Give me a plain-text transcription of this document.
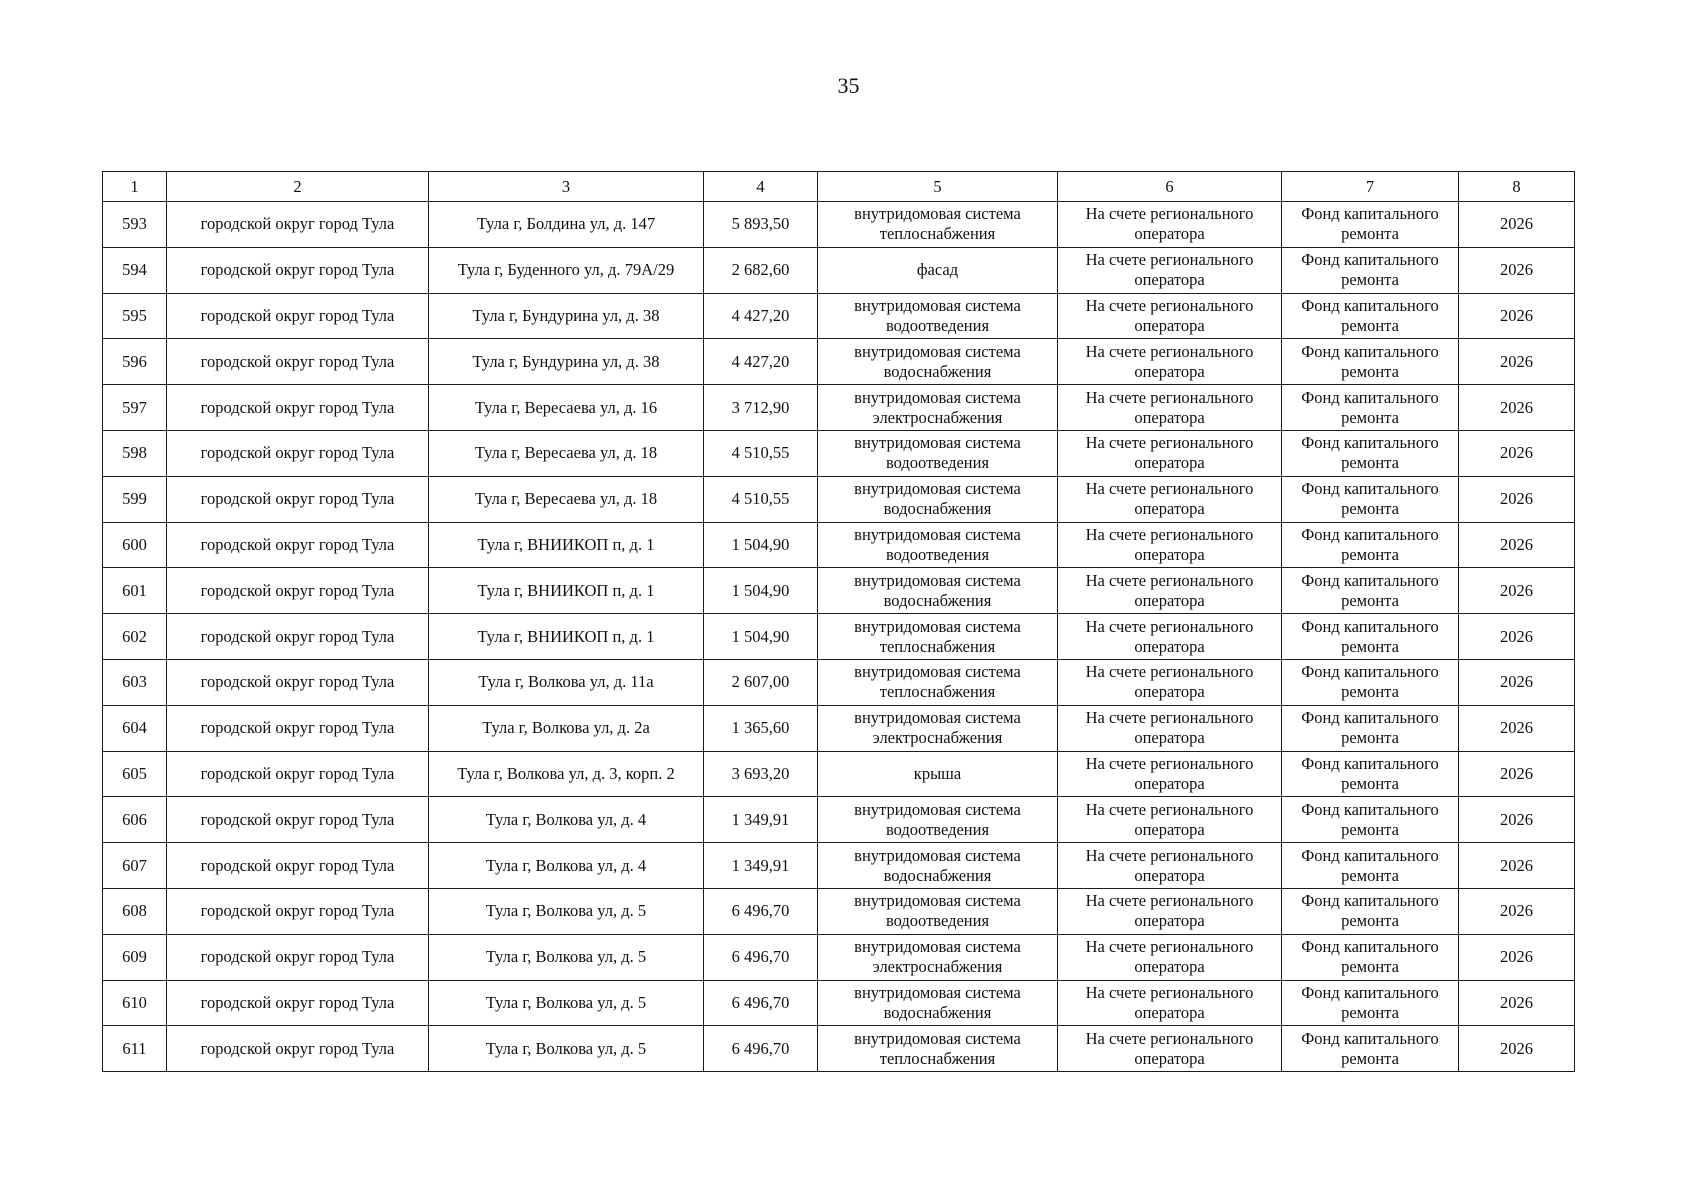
35
1	2	3	4	5	6	7	8
593	городской округ город Тула	Тула г, Болдина ул, д. 147	5 893,50	внутридомовая система теплоснабжения	На счете регионального оператора	Фонд капитального ремонта	2026
594	городской округ город Тула	Тула г, Буденного ул, д. 79А/29	2 682,60	фасад	На счете регионального оператора	Фонд капитального ремонта	2026
595	городской округ город Тула	Тула г, Бундурина ул, д. 38	4 427,20	внутридомовая система водоотведения	На счете регионального оператора	Фонд капитального ремонта	2026
596	городской округ город Тула	Тула г, Бундурина ул, д. 38	4 427,20	внутридомовая система водоснабжения	На счете регионального оператора	Фонд капитального ремонта	2026
597	городской округ город Тула	Тула г, Вересаева ул, д. 16	3 712,90	внутридомовая система электроснабжения	На счете регионального оператора	Фонд капитального ремонта	2026
598	городской округ город Тула	Тула г, Вересаева ул, д. 18	4 510,55	внутридомовая система водоотведения	На счете регионального оператора	Фонд капитального ремонта	2026
599	городской округ город Тула	Тула г, Вересаева ул, д. 18	4 510,55	внутридомовая система водоснабжения	На счете регионального оператора	Фонд капитального ремонта	2026
600	городской округ город Тула	Тула г, ВНИИКОП п, д. 1	1 504,90	внутридомовая система водоотведения	На счете регионального оператора	Фонд капитального ремонта	2026
601	городской округ город Тула	Тула г, ВНИИКОП п, д. 1	1 504,90	внутридомовая система водоснабжения	На счете регионального оператора	Фонд капитального ремонта	2026
602	городской округ город Тула	Тула г, ВНИИКОП п, д. 1	1 504,90	внутридомовая система теплоснабжения	На счете регионального оператора	Фонд капитального ремонта	2026
603	городской округ город Тула	Тула г, Волкова ул, д. 11а	2 607,00	внутридомовая система теплоснабжения	На счете регионального оператора	Фонд капитального ремонта	2026
604	городской округ город Тула	Тула г, Волкова ул, д. 2а	1 365,60	внутридомовая система электроснабжения	На счете регионального оператора	Фонд капитального ремонта	2026
605	городской округ город Тула	Тула г, Волкова ул, д. 3, корп. 2	3 693,20	крыша	На счете регионального оператора	Фонд капитального ремонта	2026
606	городской округ город Тула	Тула г, Волкова ул, д. 4	1 349,91	внутридомовая система водоотведения	На счете регионального оператора	Фонд капитального ремонта	2026
607	городской округ город Тула	Тула г, Волкова ул, д. 4	1 349,91	внутридомовая система водоснабжения	На счете регионального оператора	Фонд капитального ремонта	2026
608	городской округ город Тула	Тула г, Волкова ул, д. 5	6 496,70	внутридомовая система водоотведения	На счете регионального оператора	Фонд капитального ремонта	2026
609	городской округ город Тула	Тула г, Волкова ул, д. 5	6 496,70	внутридомовая система электроснабжения	На счете регионального оператора	Фонд капитального ремонта	2026
610	городской округ город Тула	Тула г, Волкова ул, д. 5	6 496,70	внутридомовая система водоснабжения	На счете регионального оператора	Фонд капитального ремонта	2026
611	городской округ город Тула	Тула г, Волкова ул, д. 5	6 496,70	внутридомовая система теплоснабжения	На счете регионального оператора	Фонд капитального ремонта	2026
